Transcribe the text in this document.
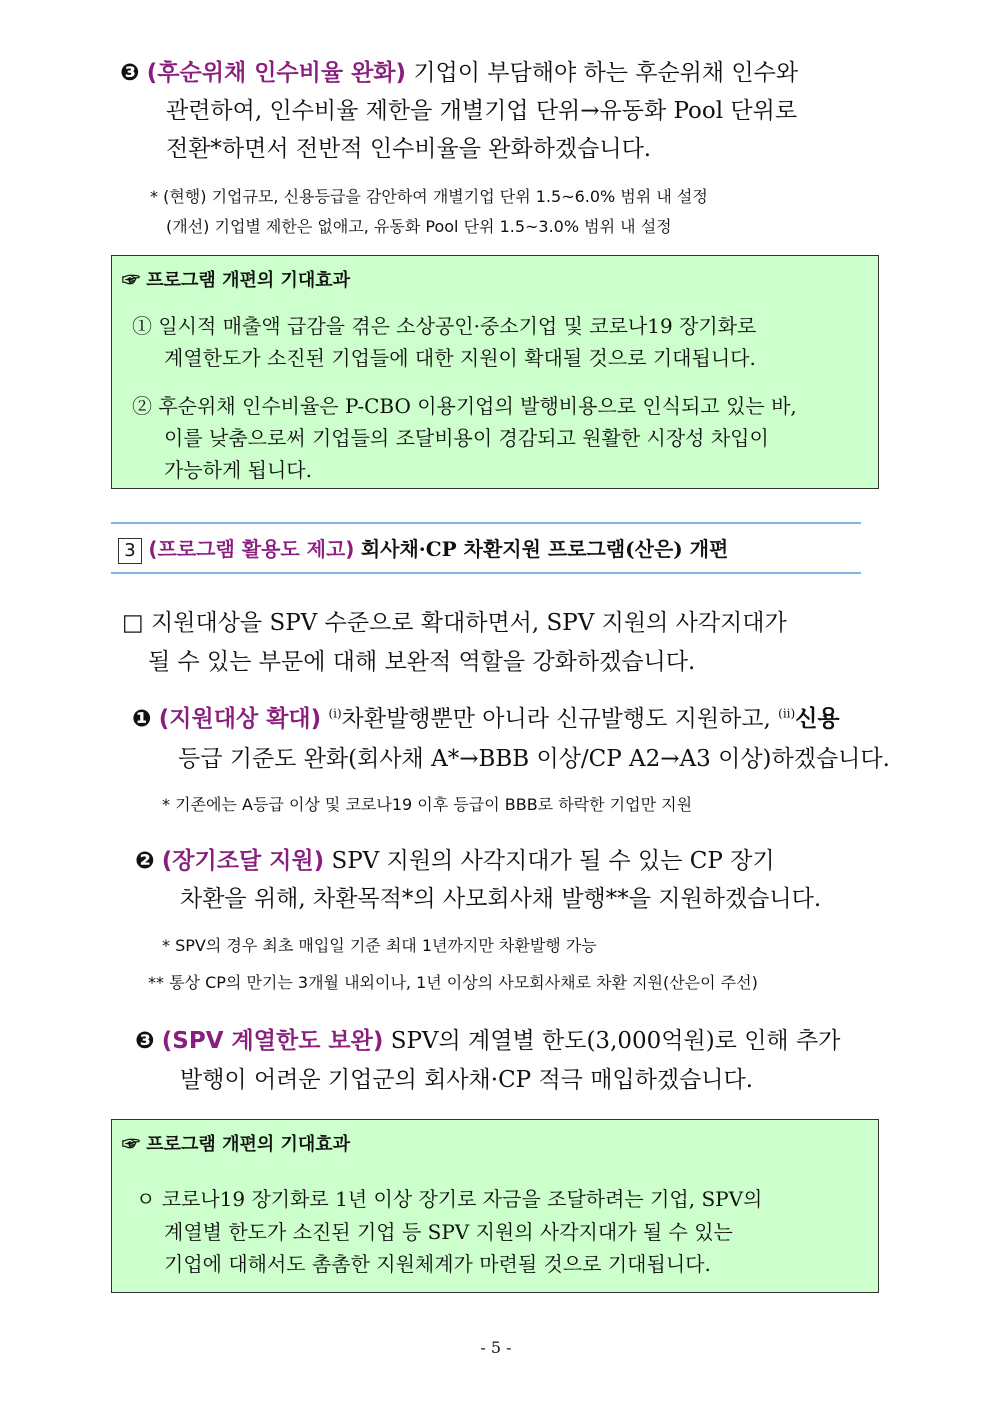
❸ (후순위채 인수비율 완화) 기업이 부담해야 하는 후순위채 인수와
관련하여, 인수비율 제한을 개별기업 단위→유동화 Pool 단위로
전환*하면서 전반적 인수비율을 완화하겠습니다.
* (현행) 기업규모, 신용등급을 감안하여 개별기업 단위 1.5~6.0% 범위 내 설정
(개선) 기업별 제한은 없애고, 유동화 Pool 단위 1.5~3.0% 범위 내 설정
☞ 프로그램 개편의 기대효과
① 일시적 매출액 급감을 겪은 소상공인·중소기업 및 코로나19 장기화로
계열한도가 소진된 기업들에 대한 지원이 확대될 것으로 기대됩니다.
② 후순위채 인수비율은 P-CBO 이용기업의 발행비용으로 인식되고 있는 바,
이를 낮춤으로써 기업들의 조달비용이 경감되고 원활한 시장성 차입이
가능하게 됩니다.
3 (프로그램 활용도 제고) 회사채·CP 차환지원 프로그램(산은) 개편
□ 지원대상을 SPV 수준으로 확대하면서, SPV 지원의 사각지대가
될 수 있는 부문에 대해 보완적 역할을 강화하겠습니다.
❶ (지원대상 확대) $^{(i)}$차환발행뿐만 아니라 신규발행도 지원하고, $^{(ii)}$신용
등급 기준도 완화(회사채 A*→BBB 이상/CP A2→A3 이상)하겠습니다.
* 기존에는 A등급 이상 및 코로나19 이후 등급이 BBB로 하락한 기업만 지원
❷ (장기조달 지원) SPV 지원의 사각지대가 될 수 있는 CP 장기
차환을 위해, 차환목적*의 사모회사채 발행**을 지원하겠습니다.
* SPV의 경우 최초 매입일 기준 최대 1년까지만 차환발행 가능
** 통상 CP의 만기는 3개월 내외이나, 1년 이상의 사모회사채로 차환 지원(산은이 주선)
❸ (SPV 계열한도 보완) SPV의 계열별 한도(3,000억원)로 인해 추가
발행이 어려운 기업군의 회사채·CP 적극 매입하겠습니다.
☞ 프로그램 개편의 기대효과
ㅇ 코로나19 장기화로 1년 이상 장기로 자금을 조달하려는 기업, SPV의
계열별 한도가 소진된 기업 등 SPV 지원의 사각지대가 될 수 있는
기업에 대해서도 촘촘한 지원체계가 마련될 것으로 기대됩니다.
- 5 -
